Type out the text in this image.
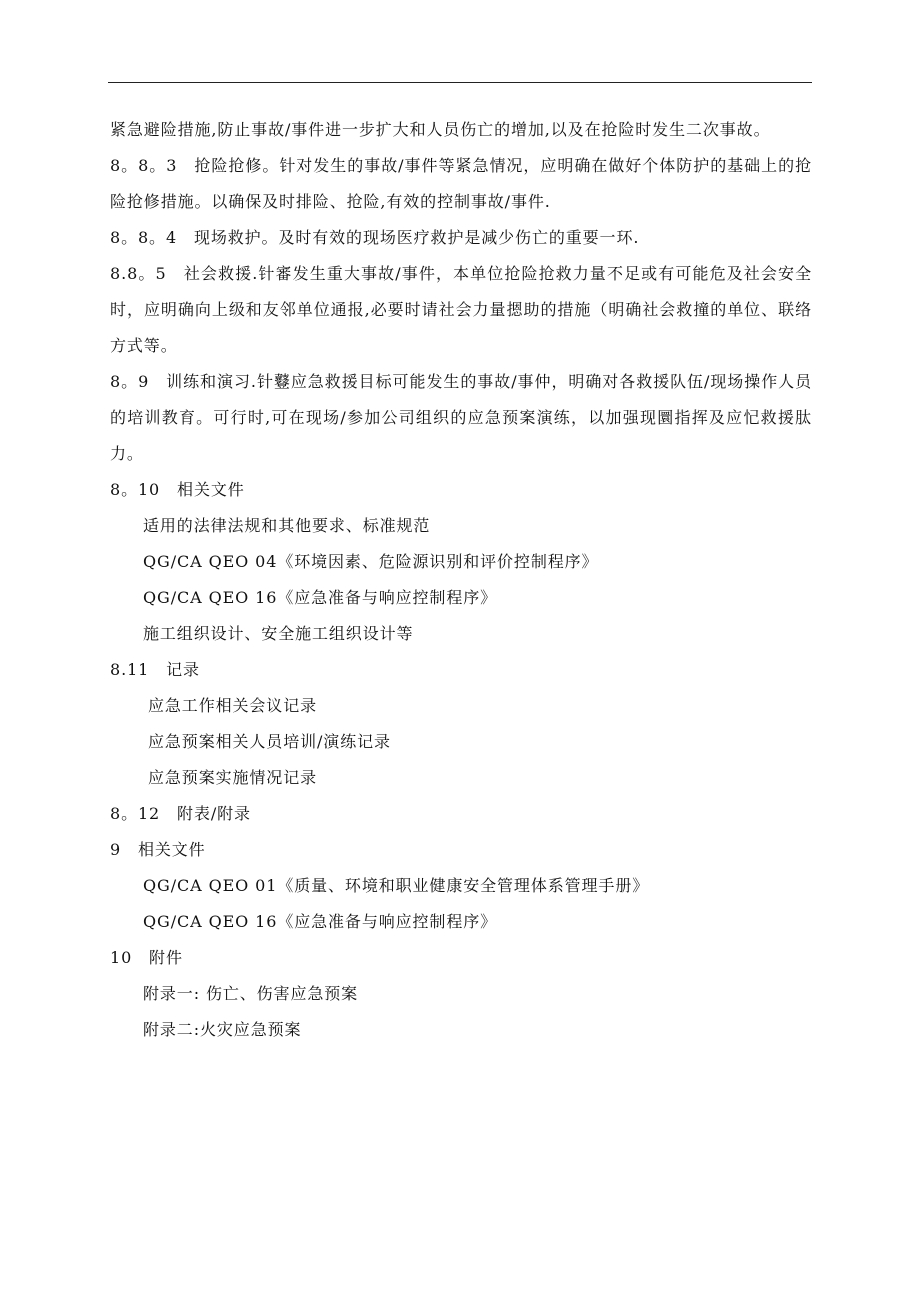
紧急避险措施,防止事故/事件进一步扩大和人员伤亡的增加,以及在抢险时发生二次事故。

8。8。3　抢险抢修。针对发生的事故/事件等紧急情况，应明确在做好个体防护的基础上的抢险抢修措施。以确保及时排险、抢险,有效的控制事故/事件.

8。8。4　现场救护。及时有效的现场医疗救护是减少伤亡的重要一环.

8.8。5　社会救援.针審发生重大事故/事件，本单位抢险抢救力量不足或有可能危及社会安全时，应明确向上级和友邻单位通报,必要时请社会力量摁助的措施（明确社会救撞的单位、联络方式等。

8。9　训练和演习.针鼟应急救援目标可能发生的事故/事仲，明确对各救援队伍/现场操作人员的培训教育。可行时,可在现场/参加公司组织的应急预案演练，以加强现圜指挥及应忋救援肽力。

8。10　相关文件

适用的法律法规和其他要求、标准规范

QG/CA QEO 04《环境因素、危险源识别和评价控制程序》

QG/CA QEO 16《应急准备与响应控制程序》

施工组织设计、安全施工组织设计等

8.11　记录

应急工作相关会议记录

应急预案相关人员培训/演练记录

应急预案实施情况记录

8。12　附表/附录

9　相关文件

QG/CA QEO 01《质量、环境和职业健康安全管理体系管理手册》

QG/CA QEO 16《应急准备与响应控制程序》

10　附件

附录一: 伤亡、伤害应急预案

附录二:火灾应急预案
